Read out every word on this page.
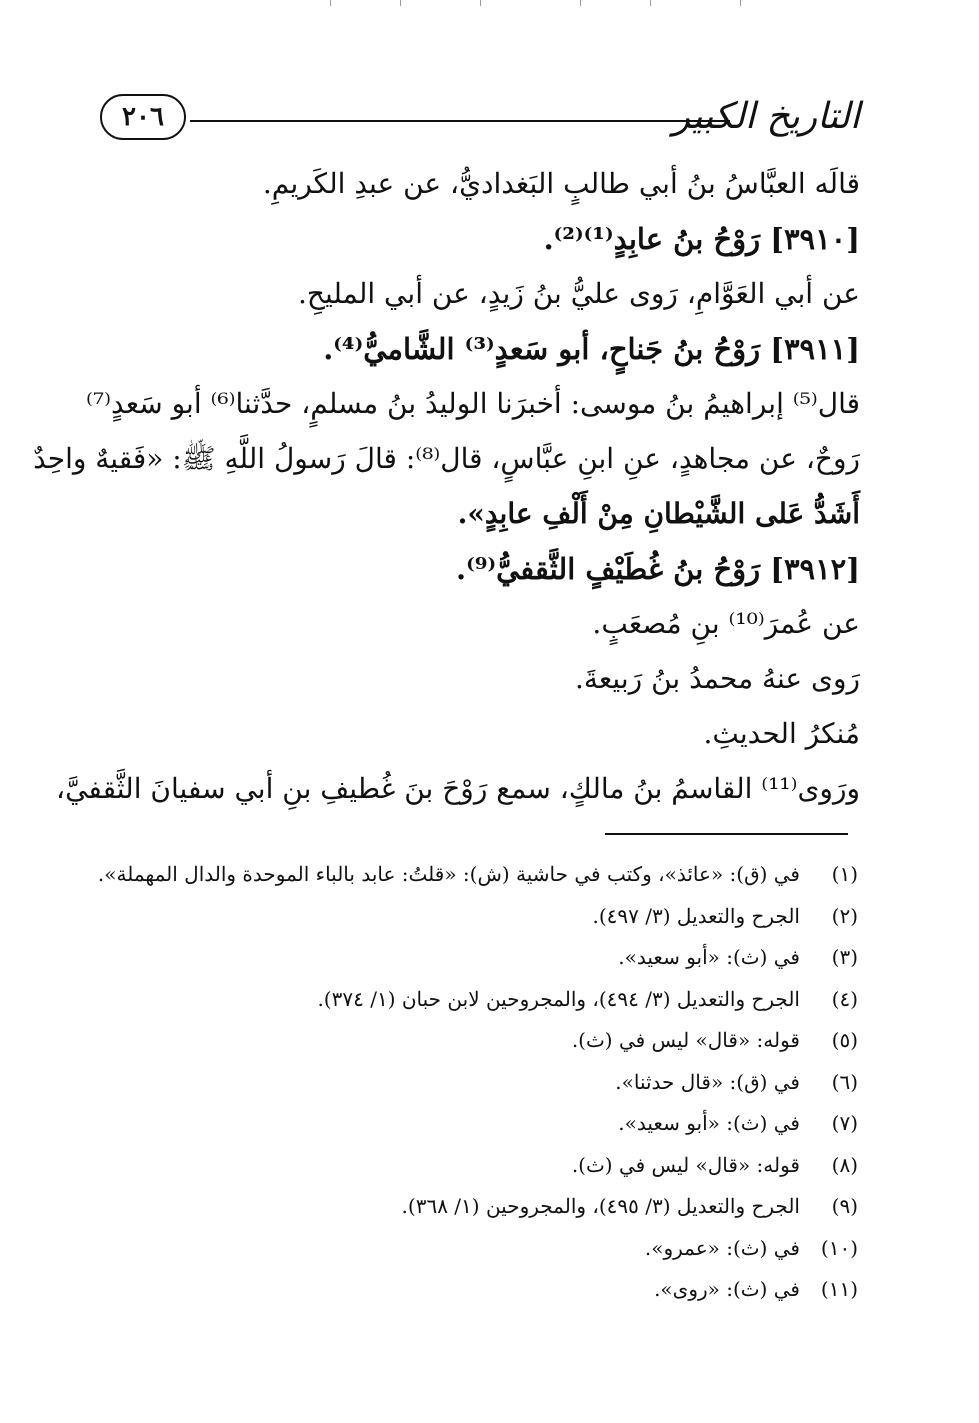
٢٠٦	التاريخ الكبير
قالَه العبَّاسُ بنُ أبي طالبٍ البَغداديُّ، عن عبدِ الكَريمِ.
[٣٩١٠] رَوْحُ بنُ عابِدٍ⁽¹⁾⁽²⁾.
عن أبي العَوَّامِ، رَوى عليُّ بنُ زَيدٍ، عن أبي المليحِ.
[٣٩١١] رَوْحُ بنُ جَناحٍ، أبو سَعدٍ⁽³⁾ الشَّاميُّ⁽⁴⁾.
قال⁽⁵⁾ إبراهيمُ بنُ موسى: أخبرَنا الوليدُ بنُ مسلمٍ، حدَّثنا⁽⁶⁾ أبو سَعدٍ⁽⁷⁾
رَوحٌ، عن مجاهدٍ، عنِ ابنِ عبَّاسٍ، قال⁽⁸⁾: قالَ رَسولُ اللَّهِ ﷺ: «فَقيهٌ واحِدٌ
أَشَدُّ عَلى الشَّيْطانِ مِنْ أَلْفِ عابِدٍ».
[٣٩١٢] رَوْحُ بنُ غُطَيْفٍ الثَّقفيُّ⁽⁹⁾.
عن عُمرَ⁽¹⁰⁾ بنِ مُصعَبٍ.
رَوى عنهُ محمدُ بنُ رَبيعةَ.
مُنكرُ الحديثِ.
ورَوى⁽¹¹⁾ القاسمُ بنُ مالكٍ، سمع رَوْحَ بنَ غُطيفِ بنِ أبي سفيانَ الثَّقفيَّ،
(١)
في (ق): «عائذ»، وكتب في حاشية (ش): «قلتُ: عابد بالباء الموحدة والدال المهملة».
(٢)
الجرح والتعديل (٣/ ٤٩٧).
(٣)
في (ث): «أبو سعيد».
(٤)
الجرح والتعديل (٣/ ٤٩٤)، والمجروحين لابن حبان (١/ ٣٧٤).
(٥)
قوله: «قال» ليس في (ث).
(٦)
في (ق): «قال حدثنا».
(٧)
في (ث): «أبو سعيد».
(٨)
قوله: «قال» ليس في (ث).
(٩)
الجرح والتعديل (٣/ ٤٩٥)، والمجروحين (١/ ٣٦٨).
(١٠)
في (ث): «عمرو».
(١١)
في (ث): «روى».
